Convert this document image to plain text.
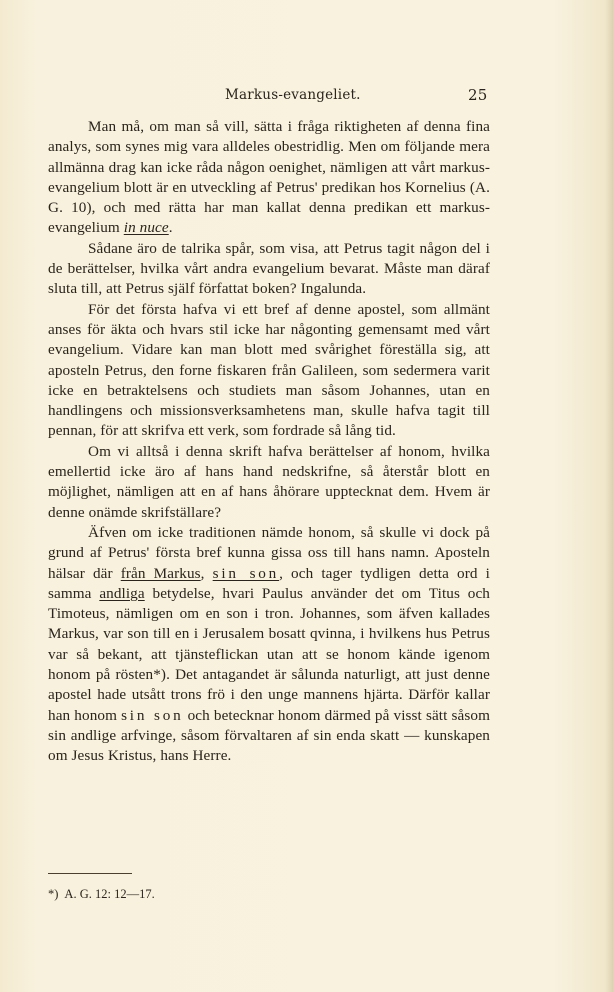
Markus-evangeliet.	25

Man må, om man så vill, sätta i fråga riktigheten af denna fina analys, som synes mig vara alldeles obestridlig. Men om följande mera allmänna drag kan icke råda någon oenighet, nämligen att vårt markus-evangelium blott är en utveckling af Petrus' predikan hos Kornelius (A. G. 10), och med rätta har man kallat denna predikan ett markus-evangelium in nuce.

Sådane äro de talrika spår, som visa, att Petrus tagit någon del i de berättelser, hvilka vårt andra evangelium bevarat. Måste man däraf sluta till, att Petrus själf författat boken? Ingalunda.

För det första hafva vi ett bref af denne apostel, som allmänt anses för äkta och hvars stil icke har någonting gemensamt med vårt evangelium. Vidare kan man blott med svårighet föreställa sig, att aposteln Petrus, den forne fiskaren från Galileen, som sedermera varit icke en betraktelsens och studiets man såsom Johannes, utan en handlingens och missionsverksamhetens man, skulle hafva tagit till pennan, för att skrifva ett verk, som fordrade så lång tid.

Om vi alltså i denna skrift hafva berättelser af honom, hvilka emellertid icke äro af hans hand nedskrifne, så återstår blott en möjlighet, nämligen att en af hans åhörare upptecknat dem. Hvem är denne onämde skrifställare?

Äfven om icke traditionen nämde honom, så skulle vi dock på grund af Petrus' första bref kunna gissa oss till hans namn. Aposteln hälsar där från Markus, sin son, och tager tydligen detta ord i samma andliga betydelse, hvari Paulus använder det om Titus och Timoteus, nämligen om en son i tron. Johannes, som äfven kallades Markus, var son till en i Jerusalem bosatt qvinna, i hvilkens hus Petrus var så bekant, att tjänsteflickan utan att se honom kände igenom honom på rösten*). Det antagandet är sålunda naturligt, att just denne apostel hade utsått trons frö i den unge mannens hjärta. Därför kallar han honom sin son och betecknar honom därmed på visst sätt såsom sin andlige arfvinge, såsom förvaltaren af sin enda skatt — kunskapen om Jesus Kristus, hans Herre.

*) A. G. 12: 12—17.
